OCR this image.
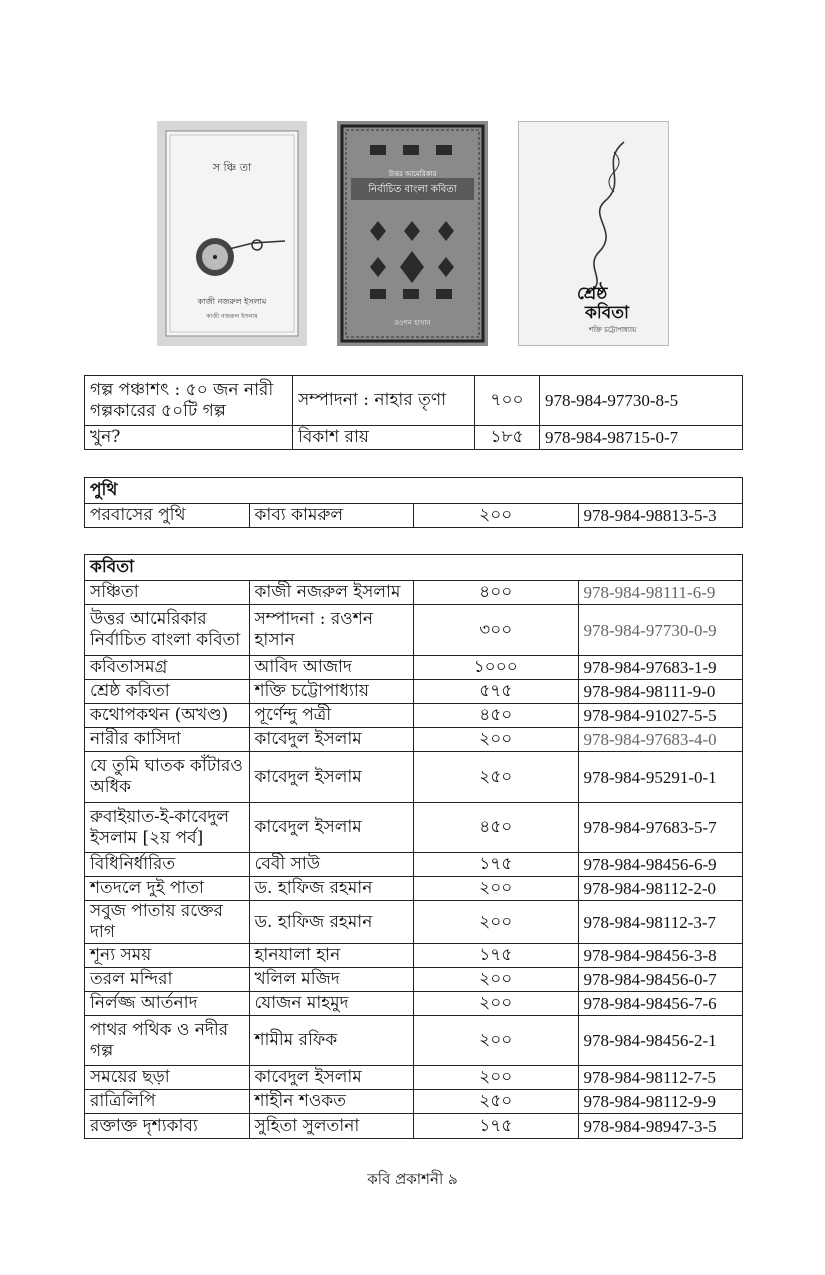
স ঞ্চি তা
কাজী নজরুল ইসলাম
কাজী নজরুল ইসলাম
উত্তর আমেরিকার
নির্বাচিত বাংলা কবিতা
রওশন হাসান
শ্রেষ্ঠ
কবিতা
শক্তি চট্টোপাধ্যায়
গল্প পঞ্চাশৎ : ৫০ জন নারী গল্পকারের ৫০টি গল্প	সম্পাদনা : নাহার তৃণা	৭০০	978-984-97730-8-5
খুন?	বিকাশ রায়	১৮৫	978-984-98715-0-7
পুথি
পরবাসের পুথি	কাব্য কামরুল	২০০	978-984-98813-5-3
কবিতা			
সঞ্চিতা	কাজী নজরুল ইসলাম	৪০০	978-984-98111-6-9
উত্তর আমেরিকার নির্বাচিত বাংলা কবিতা	সম্পাদনা : রওশন হাসান	৩০০	978-984-97730-0-9
কবিতাসমগ্র	আবিদ আজাদ	১০০০	978-984-97683-1-9
শ্রেষ্ঠ কবিতা	শক্তি চট্টোপাধ্যায়	৫৭৫	978-984-98111-9-0
কথোপকথন (অখণ্ড)	পূর্ণেন্দু পত্রী	৪৫০	978-984-91027-5-5
নারীর কাসিদা	কাবেদুল ইসলাম	২০০	978-984-97683-4-0
যে তুমি ঘাতক কাঁটারও অধিক	কাবেদুল ইসলাম	২৫০	978-984-95291-0-1
রুবাইয়াত-ই-কাবেদুল ইসলাম [২য় পর্ব]	কাবেদুল ইসলাম	৪৫০	978-984-97683-5-7
বিধিনির্ধারিত	বেবী সাউ	১৭৫	978-984-98456-6-9
শতদলে দুই পাতা	ড. হাফিজ রহমান	২০০	978-984-98112-2-0
সবুজ পাতায় রক্তের দাগ	ড. হাফিজ রহমান	২০০	978-984-98112-3-7
শূন্য সময়	হানযালা হান	১৭৫	978-984-98456-3-8
তরল মন্দিরা	খলিল মজিদ	২০০	978-984-98456-0-7
নির্লজ্জ আর্তনাদ	যোজন মাহমুদ	২০০	978-984-98456-7-6
পাথর পথিক ও নদীর গল্প	শামীম রফিক	২০০	978-984-98456-2-1
সময়ের ছড়া	কাবেদুল ইসলাম	২০০	978-984-98112-7-5
রাত্রিলিপি	শাহীন শওকত	২৫০	978-984-98112-9-9
রক্তাক্ত দৃশ্যকাব্য	সুহিতা সুলতানা	১৭৫	978-984-98947-3-5
কবি প্রকাশনী ৯
